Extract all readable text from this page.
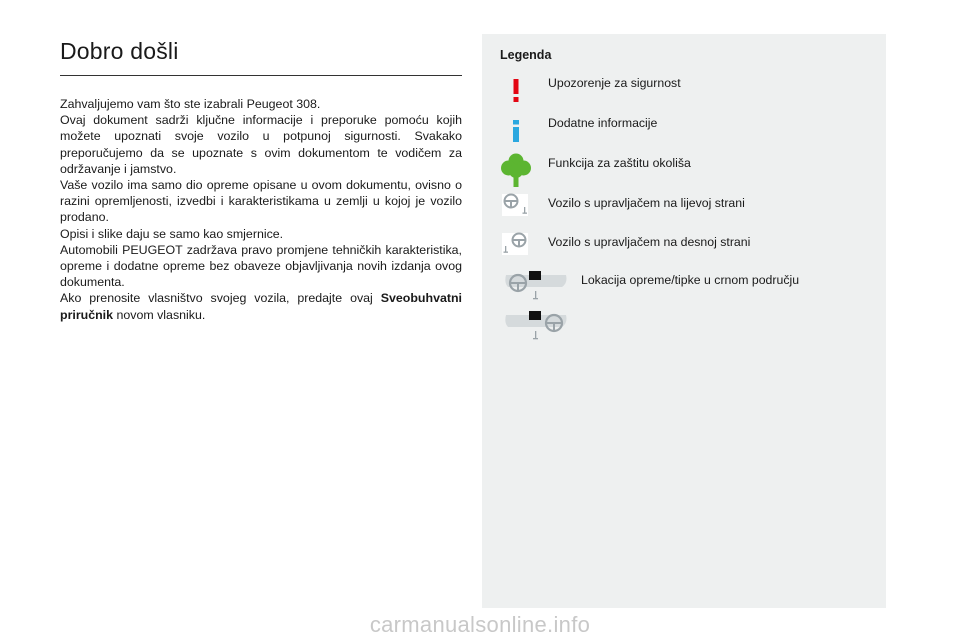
Dobro došli

Zahvaljujemo vam što ste izabrali Peugeot 308.

Ovaj dokument sadrži ključne informacije i preporuke pomoću kojih možete upoznati svoje vozilo u potpunoj sigurnosti. Svakako preporučujemo da se upoznate s ovim dokumentom te vodičem za održavanje i jamstvo.

Vaše vozilo ima samo dio opreme opisane u ovom dokumentu, ovisno o razini opremljenosti, izvedbi i karakteristikama u zemlji u kojoj je vozilo prodano.

Opisi i slike daju se samo kao smjernice.

Automobili PEUGEOT zadržava pravo promjene tehničkih karakteristika, opreme i dodatne opreme bez obaveze objavljivanja novih izdanja ovog dokumenta.

Ako prenosite vlasništvo svojeg vozila, predajte ovaj Sveobuhvatni priručnik novom vlasniku.

Legenda
Upozorenje za sigurnost
Dodatne informacije
Funkcija za zaštitu okoliša
Vozilo s upravljačem na lijevoj strani
Vozilo s upravljačem na desnoj strani
Lokacija opreme/tipke u crnom području
carmanualsonline.info
